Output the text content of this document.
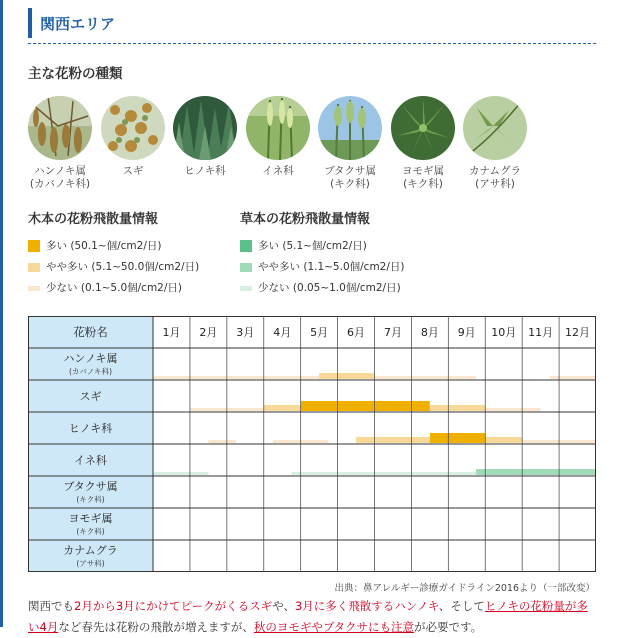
関西エリア
主な花粉の種類
ハンノキ属
(カバノキ科)
スギ	ヒノキ科	イネ科	ブタクサ属
(キク科)
ヨモギ属
(キク科)
カナムグラ
(アサ科)
木本の花粉飛散量情報
多い (50.1~個/cm2/日)
やや多い (5.1~50.0個/cm2/日)
少ない (0.1~5.0個/cm2/日)
草本の花粉飛散量情報
多い (5.1~個/cm2/日)
やや多い (1.1~5.0個/cm2/日)
少ない (0.05~1.0個/cm2/日)
花粉名	1月 2月 3月 4月 5月 6月 7月 8月 9月 10月 11月 12月
ハンノキ属
(カバノキ科)
スギ
ヒノキ科
イネ科
ブタクサ属
(キク科)
ヨモギ属
(キク科)
カナムグラ
(アサ科)
出典：鼻アレルギー診療ガイドライン2016より（一部改変）
関西でも2月から3月にかけてピークがくるスギや、3月に多く飛散するハンノキ、そしてヒノキの花粉量が多い4月など春先は花粉の飛散が増えますが、秋のヨモギやブタクサにも注意が必要です。
